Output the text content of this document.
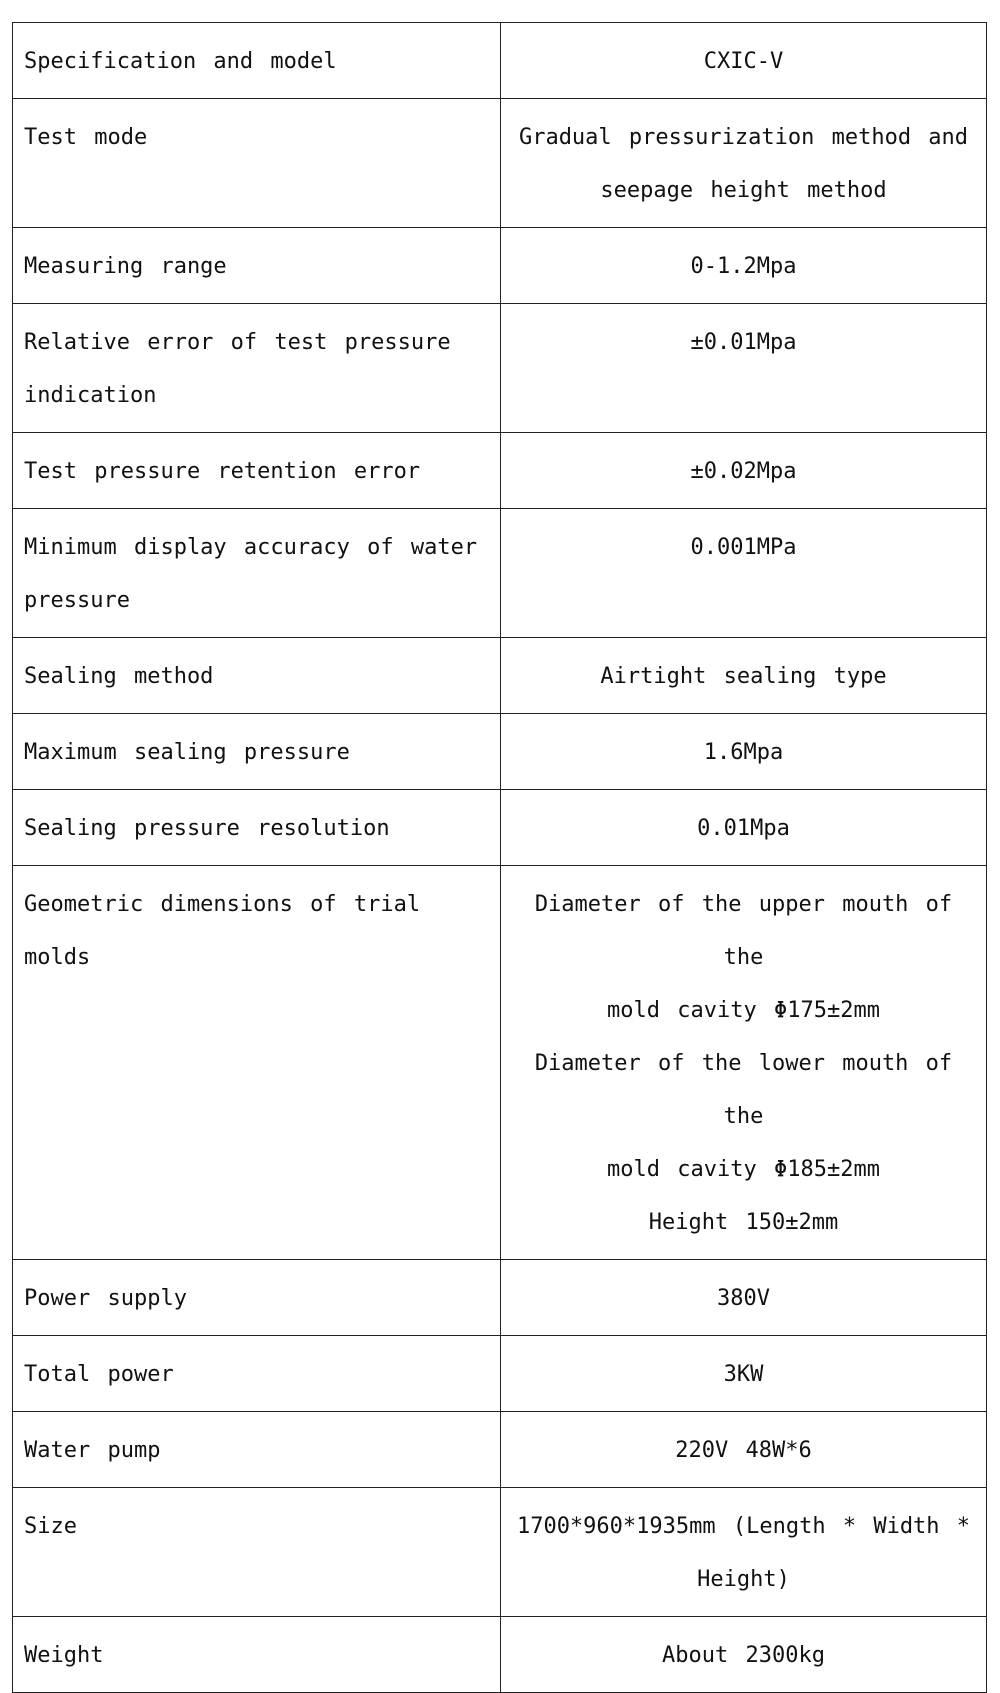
Specification and model	CXIC-V

Test mode	Gradual pressurization method and
seepage height method

Measuring range	0-1.2Mpa

Relative error of test pressure
indication	±0.01Mpa

Test pressure retention error	±0.02Mpa

Minimum display accuracy of water
pressure	0.001MPa

Sealing method	Airtight sealing type

Maximum sealing pressure	1.6Mpa

Sealing pressure resolution	0.01Mpa

Geometric dimensions of trial molds	Diameter of the upper mouth of the
mold cavity Φ175±2mm
Diameter of the lower mouth of the
mold cavity Φ185±2mm
Height 150±2mm

Power supply	380V

Total power	3KW

Water pump	220V 48W*6

Size	1700*960*1935mm (Length * Width *
Height)

Weight	About 2300kg
